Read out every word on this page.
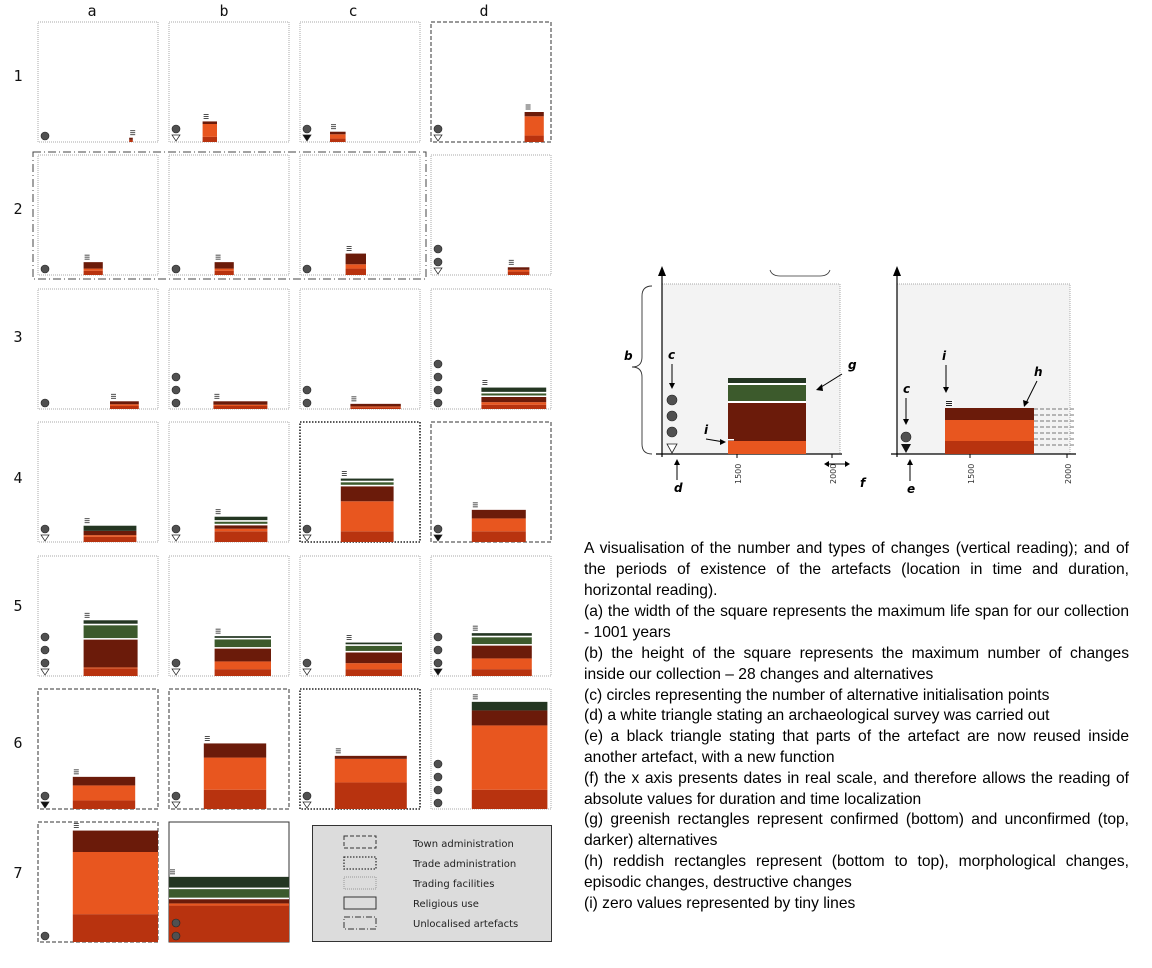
a	b	c	d
1
2
3
4
5
6
7
Town administration
Trade administration
Trading facilities
Religious use
Unlocalised artefacts
1500	2000
b	c
g
i
d	f	1500	2000
i
h
c
e

A visualisation of the number and types of changes (vertical reading); and of the periods of existence of the artefacts (location in time and duration, horizontal reading).

(a) the width of the square represents the maximum life span for our collection - 1001 years

(b) the height of the square represents the maximum number of changes inside our collection – 28 changes and alternatives

(c) circles representing the number of alternative initialisation points

(d) a white triangle stating an archaeological survey was carried out

(e) a black triangle stating that parts of the artefact are now reused inside another artefact, with a new function

(f) the x axis presents dates in real scale, and therefore allows the reading of absolute values for duration and time localization

(g) greenish rectangles represent confirmed (bottom) and unconfirmed (top, darker) alternatives

(h) reddish rectangles represent (bottom to top), morphological changes, episodic changes, destructive changes

(i) zero values represented by tiny lines
